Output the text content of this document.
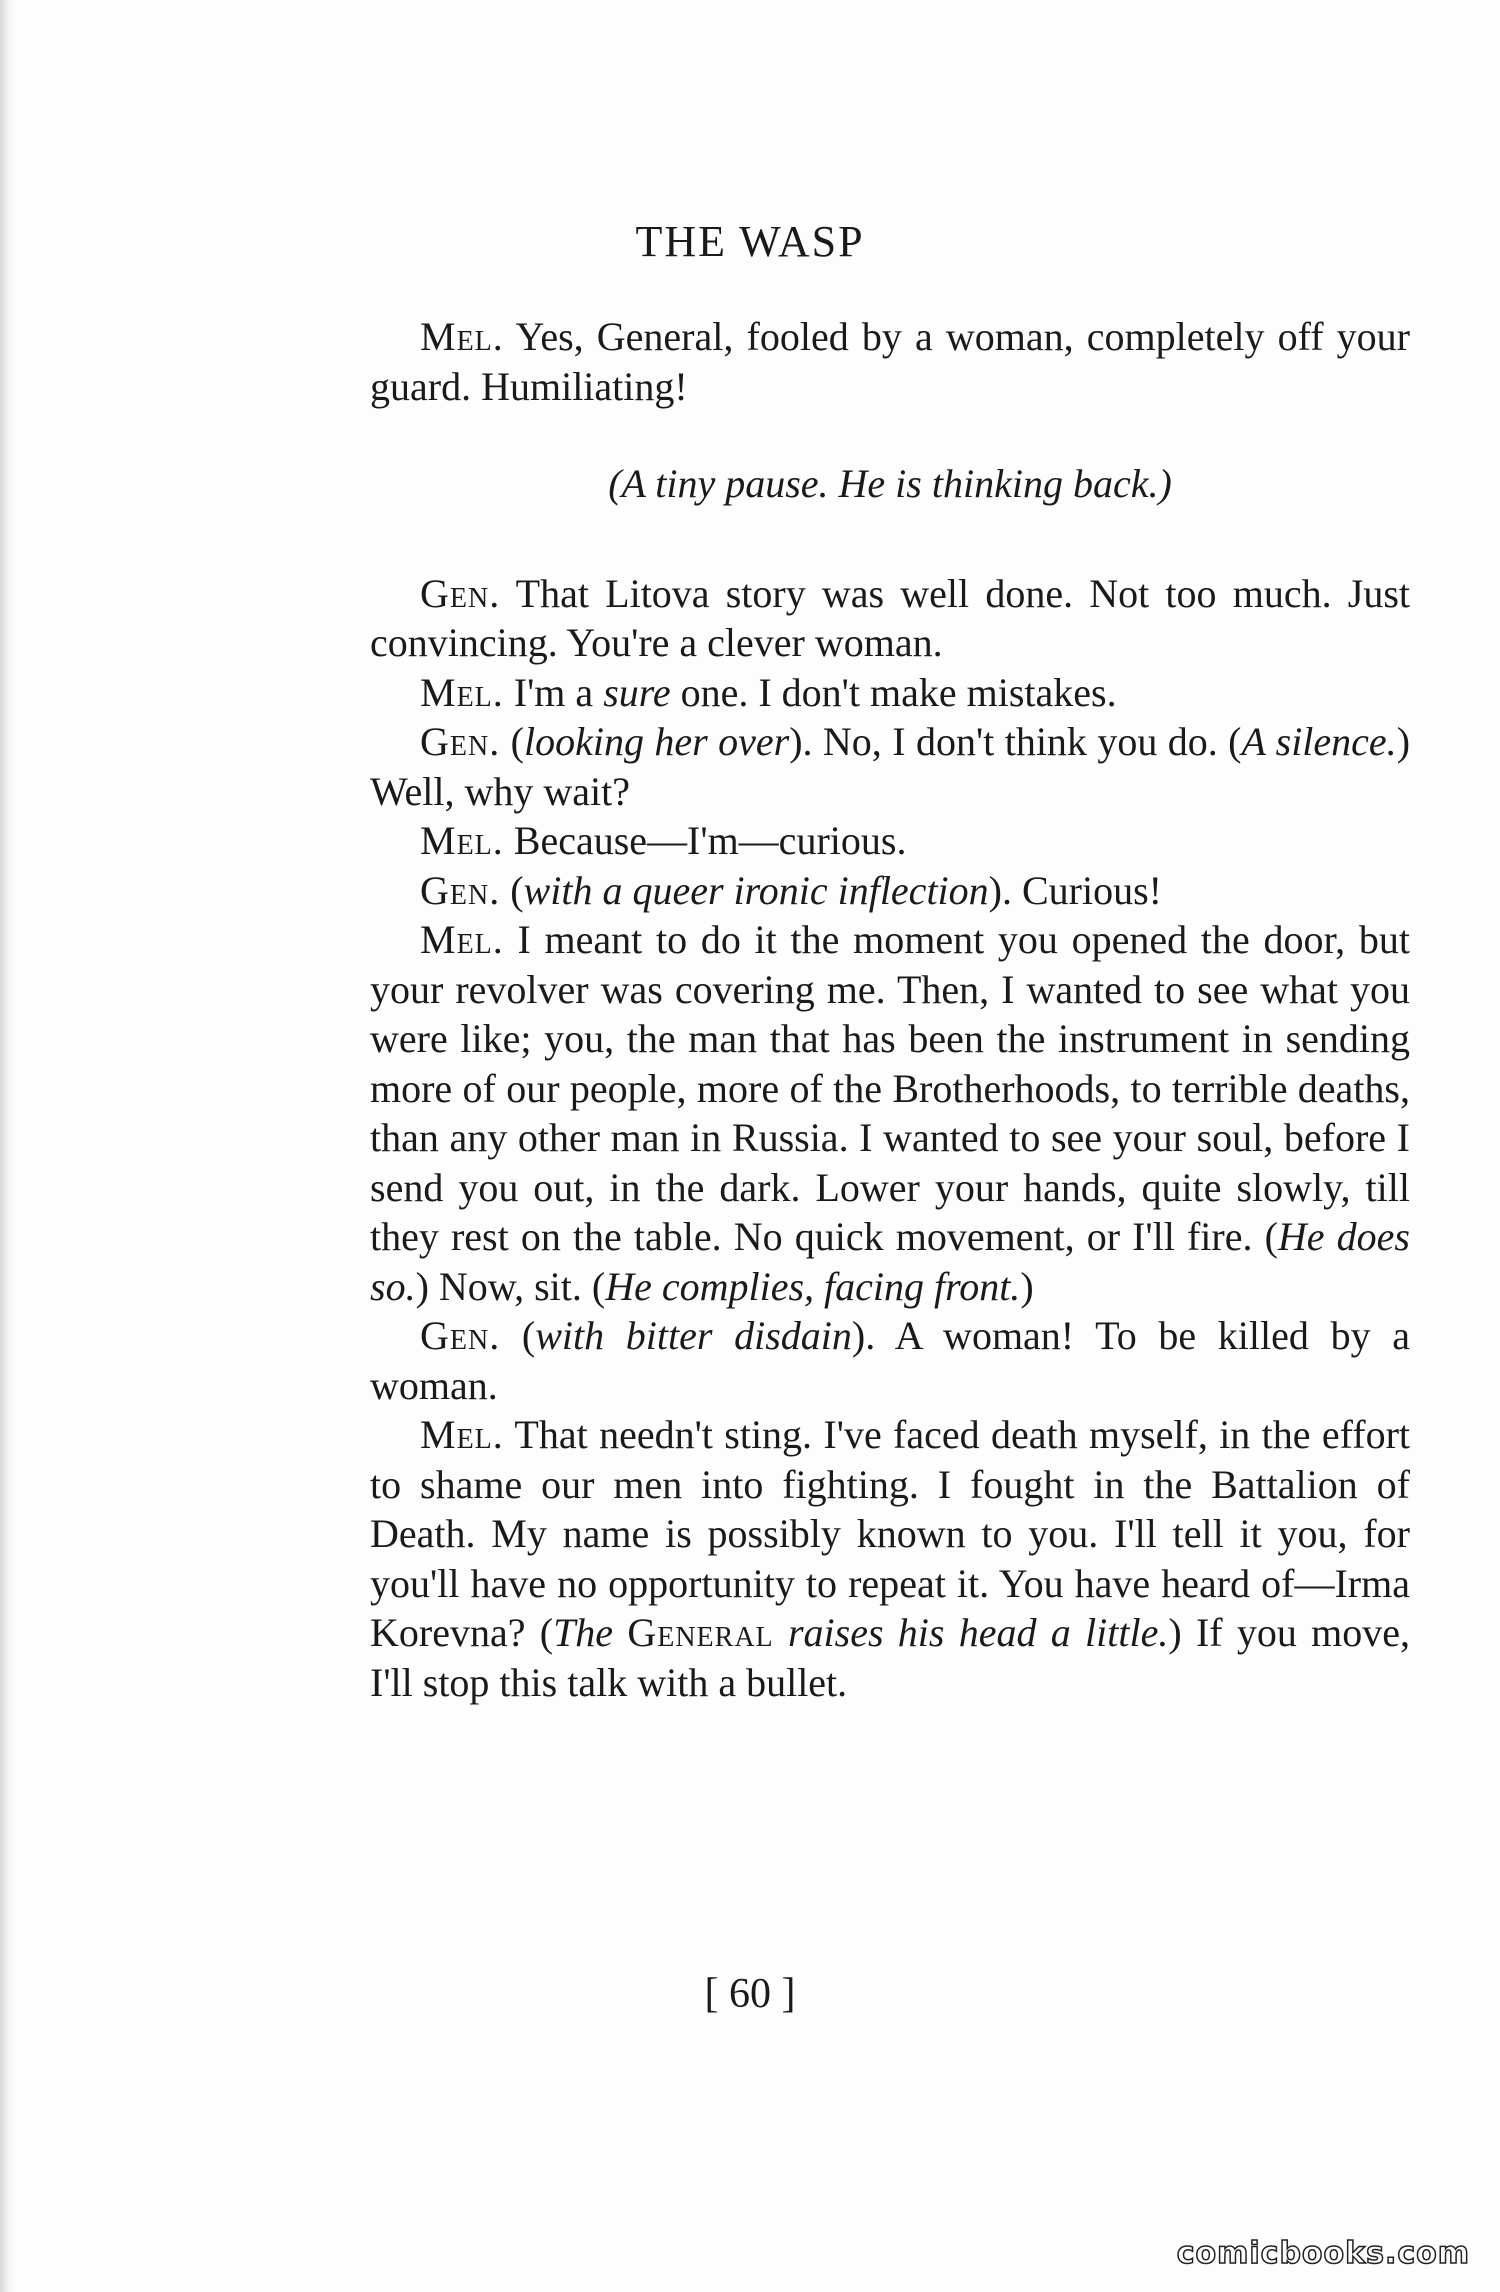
THE WASP

Mel. Yes, General, fooled by a woman, completely off your guard. Humiliating!

(A tiny pause. He is thinking back.)

Gen. That Litova story was well done. Not too much. Just convincing. You're a clever woman.

Mel. I'm a sure one. I don't make mistakes.

Gen. (looking her over). No, I don't think you do. (A silence.) Well, why wait?

Mel. Because—I'm—curious.

Gen. (with a queer ironic inflection). Curious!

Mel. I meant to do it the moment you opened the door, but your revolver was covering me. Then, I wanted to see what you were like; you, the man that has been the instrument in sending more of our people, more of the Brotherhoods, to terrible deaths, than any other man in Russia. I wanted to see your soul, before I send you out, in the dark. Lower your hands, quite slowly, till they rest on the table. No quick movement, or I'll fire. (He does so.) Now, sit. (He complies, facing front.)

Gen. (with bitter disdain). A woman! To be killed by a woman.

Mel. That needn't sting. I've faced death myself, in the effort to shame our men into fighting. I fought in the Battalion of Death. My name is possibly known to you. I'll tell it you, for you'll have no opportunity to repeat it. You have heard of—Irma Korevna? (The General raises his head a little.) If you move, I'll stop this talk with a bullet.

[ 60 ]
comicbooks.com
